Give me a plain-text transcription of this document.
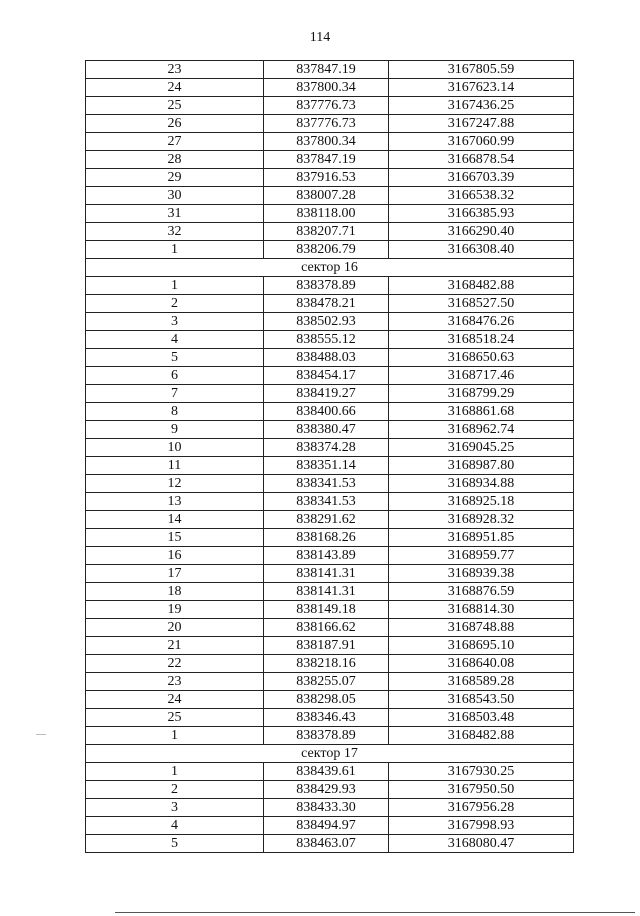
114
23	837847.19	3167805.59
24	837800.34	3167623.14
25	837776.73	3167436.25
26	837776.73	3167247.88
27	837800.34	3167060.99
28	837847.19	3166878.54
29	837916.53	3166703.39
30	838007.28	3166538.32
31	838118.00	3166385.93
32	838207.71	3166290.40
1	838206.79	3166308.40
сектор 16		
1	838378.89	3168482.88
2	838478.21	3168527.50
3	838502.93	3168476.26
4	838555.12	3168518.24
5	838488.03	3168650.63
6	838454.17	3168717.46
7	838419.27	3168799.29
8	838400.66	3168861.68
9	838380.47	3168962.74
10	838374.28	3169045.25
11	838351.14	3168987.80
12	838341.53	3168934.88
13	838341.53	3168925.18
14	838291.62	3168928.32
15	838168.26	3168951.85
16	838143.89	3168959.77
17	838141.31	3168939.38
18	838141.31	3168876.59
19	838149.18	3168814.30
20	838166.62	3168748.88
21	838187.91	3168695.10
22	838218.16	3168640.08
23	838255.07	3168589.28
24	838298.05	3168543.50
25	838346.43	3168503.48
1	838378.89	3168482.88
сектор 17		
1	838439.61	3167930.25
2	838429.93	3167950.50
3	838433.30	3167956.28
4	838494.97	3167998.93
5	838463.07	3168080.47
